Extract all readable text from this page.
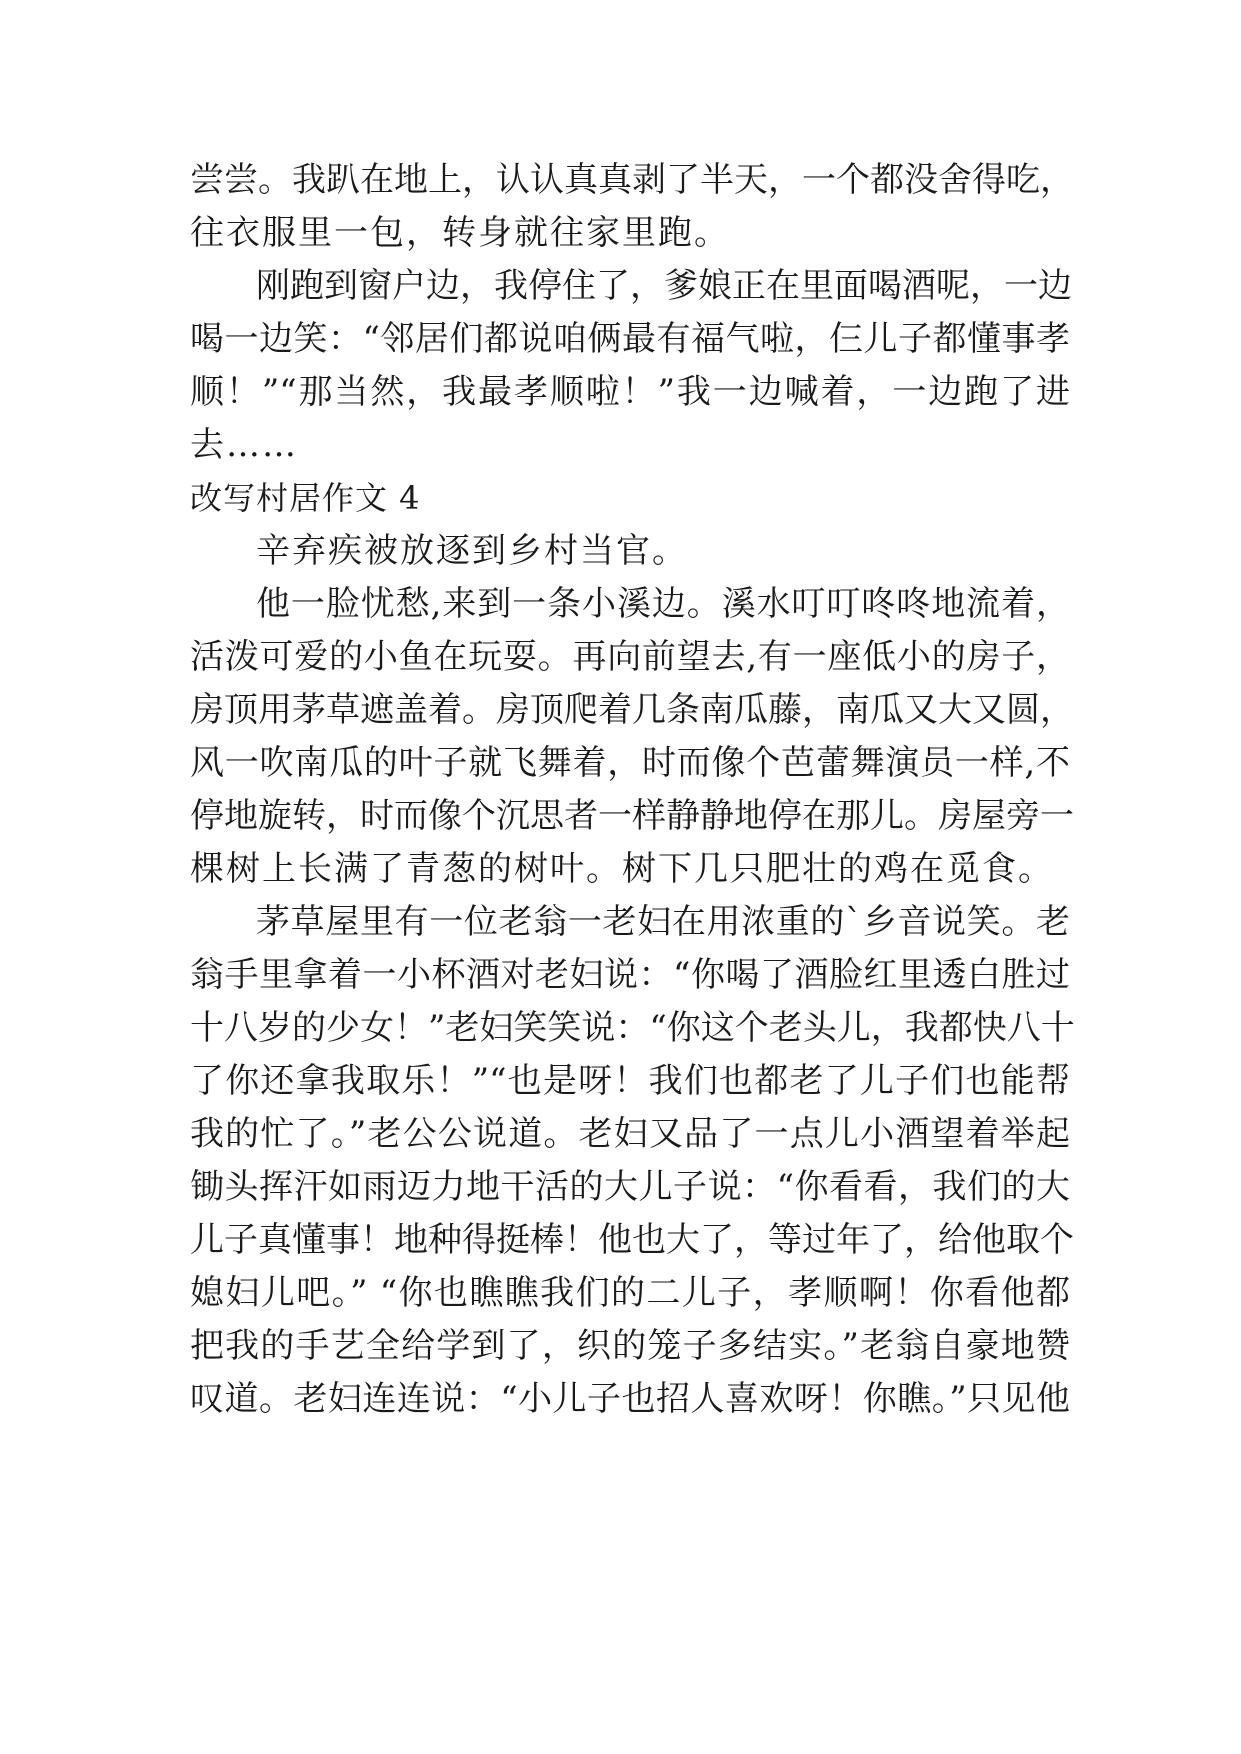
尝尝。我趴在地上，认认真真剥了半天，一个都没舍得吃，
往衣服里一包，转身就往家里跑。
刚跑到窗户边，我停住了，爹娘正在里面喝酒呢，一边
喝一边笑：“邻居们都说咱俩最有福气啦，仨儿子都懂事孝
顺！”“那当然，我最孝顺啦！”我一边喊着，一边跑了进
去……
改写村居作文 4
辛弃疾被放逐到乡村当官。
他一脸忧愁,来到一条小溪边。溪水叮叮咚咚地流着，
活泼可爱的小鱼在玩耍。再向前望去,有一座低小的房子，
房顶用茅草遮盖着。房顶爬着几条南瓜藤，南瓜又大又圆，
风一吹南瓜的叶子就飞舞着，时而像个芭蕾舞演员一样,不
停地旋转，时而像个沉思者一样静静地停在那儿。房屋旁一
棵树上长满了青葱的树叶。树下几只肥壮的鸡在觅食。
茅草屋里有一位老翁一老妇在用浓重的`乡音说笑。老
翁手里拿着一小杯酒对老妇说：“你喝了酒脸红里透白胜过
十八岁的少女！”老妇笑笑说：“你这个老头儿，我都快八十
了你还拿我取乐！”“也是呀！我们也都老了儿子们也能帮
我的忙了。”老公公说道。老妇又品了一点儿小酒望着举起
锄头挥汗如雨迈力地干活的大儿子说：“你看看，我们的大
儿子真懂事！地种得挺棒！他也大了，等过年了，给他取个
媳妇儿吧。” “你也瞧瞧我们的二儿子，孝顺啊！你看他都
把我的手艺全给学到了，织的笼子多结实。”老翁自豪地赞
叹道。老妇连连说：“小儿子也招人喜欢呀！你瞧。”只见他
